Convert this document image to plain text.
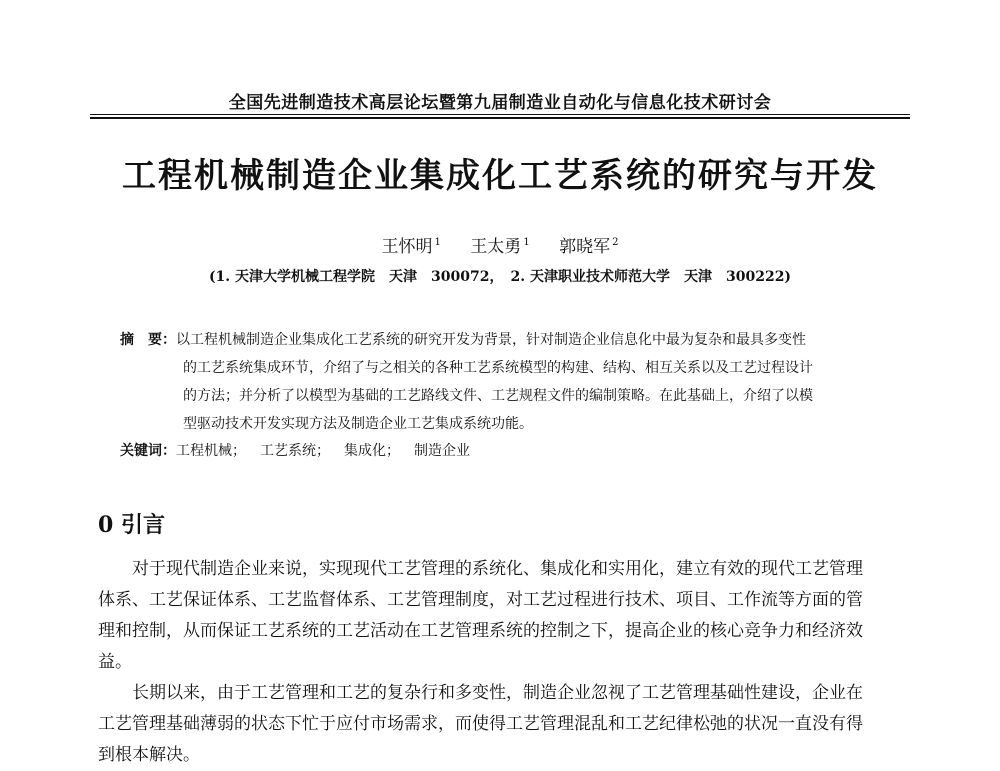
全国先进制造技术高层论坛暨第九届制造业自动化与信息化技术研讨会
工程机械制造企业集成化工艺系统的研究与开发
王怀明 $^1$ 王太勇 $^1$ 郭晓军 $^2$
(1. 天津大学机械工程学院　天津　300072，　2. 天津职业技术师范大学　天津　300222)
摘　要：以工程机械制造企业集成化工艺系统的研究开发为背景，针对制造企业信息化中最为复杂和最具多变性
的工艺系统集成环节，介绍了与之相关的各种工艺系统模型的构建、结构、相互关系以及工艺过程设计
的方法；并分析了以模型为基础的工艺路线文件、工艺规程文件的编制策略。在此基础上，介绍了以模
型驱动技术开发实现方法及制造企业工艺集成系统功能。
关键词：工程机械； 工艺系统； 集成化； 制造企业
0 引言
对于现代制造企业来说，实现现代工艺管理的系统化、集成化和实用化，建立有效的现代工艺管理
体系、工艺保证体系、工艺监督体系、工艺管理制度，对工艺过程进行技术、项目、工作流等方面的管
理和控制，从而保证工艺系统的工艺活动在工艺管理系统的控制之下，提高企业的核心竞争力和经济效
益。
长期以来，由于工艺管理和工艺的复杂行和多变性，制造企业忽视了工艺管理基础性建设，企业在
工艺管理基础薄弱的状态下忙于应付市场需求，而使得工艺管理混乱和工艺纪律松弛的状况一直没有得
到根本解决。
